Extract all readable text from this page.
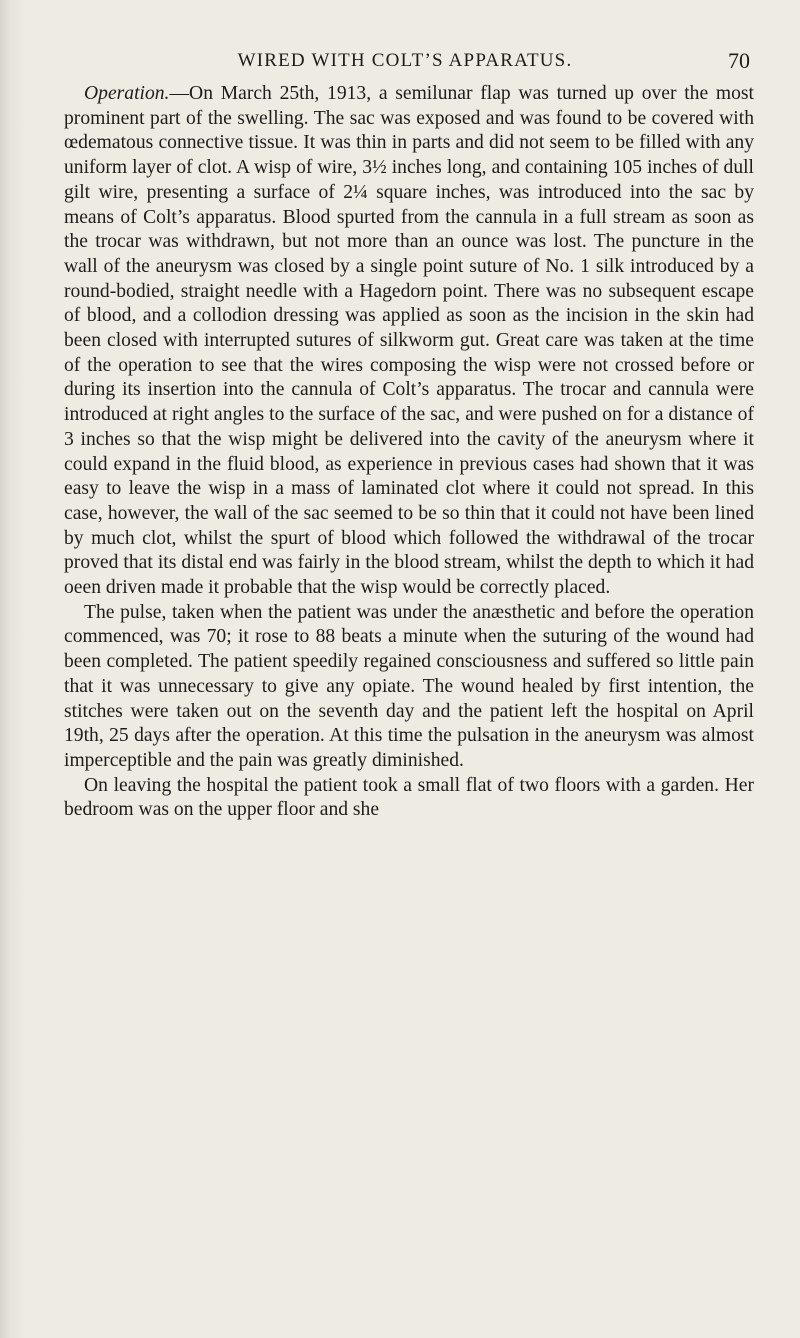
WIRED WITH COLT’S APPARATUS.	70

Operation.—On March 25th, 1913, a semilunar flap was turned up over the most prominent part of the swelling. The sac was exposed and was found to be covered with œdematous connective tissue. It was thin in parts and did not seem to be filled with any uniform layer of clot. A wisp of wire, 3½ inches long, and containing 105 inches of dull gilt wire, presenting a surface of 2¼ square inches, was introduced into the sac by means of Colt’s apparatus. Blood spurted from the cannula in a full stream as soon as the trocar was withdrawn, but not more than an ounce was lost. The puncture in the wall of the aneurysm was closed by a single point suture of No. 1 silk introduced by a round-bodied, straight needle with a Hagedorn point. There was no subsequent escape of blood, and a collodion dressing was applied as soon as the incision in the skin had been closed with interrupted sutures of silkworm gut. Great care was taken at the time of the operation to see that the wires composing the wisp were not crossed before or during its insertion into the cannula of Colt’s apparatus. The trocar and cannula were introduced at right angles to the surface of the sac, and were pushed on for a distance of 3 inches so that the wisp might be delivered into the cavity of the aneurysm where it could expand in the fluid blood, as experience in previous cases had shown that it was easy to leave the wisp in a mass of laminated clot where it could not spread. In this case, however, the wall of the sac seemed to be so thin that it could not have been lined by much clot, whilst the spurt of blood which followed the withdrawal of the trocar proved that its distal end was fairly in the blood stream, whilst the depth to which it had oeen driven made it probable that the wisp would be correctly placed.

The pulse, taken when the patient was under the anæsthetic and before the operation commenced, was 70; it rose to 88 beats a minute when the suturing of the wound had been completed. The patient speedily regained consciousness and suffered so little pain that it was unnecessary to give any opiate. The wound healed by first intention, the stitches were taken out on the seventh day and the patient left the hospital on April 19th, 25 days after the operation. At this time the pulsation in the aneurysm was almost imperceptible and the pain was greatly diminished.

On leaving the hospital the patient took a small flat of two floors with a garden. Her bedroom was on the upper floor and she
